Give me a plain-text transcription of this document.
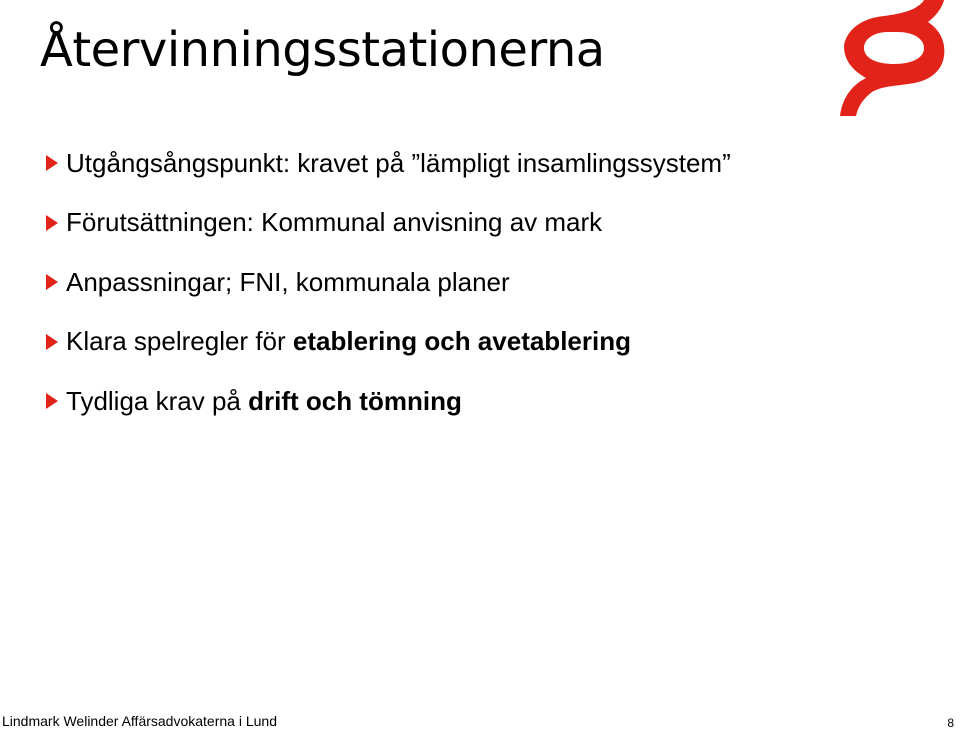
Återvinningsstationerna
Utgångsångspunkt: kravet på ”lämpligt insamlingssystem”
Förutsättningen: Kommunal anvisning av mark
Anpassningar; FNI, kommunala planer
Klara spelregler för etablering och avetablering
Tydliga krav på drift och tömning
Lindmark Welinder Affärsadvokaterna i Lund	8
